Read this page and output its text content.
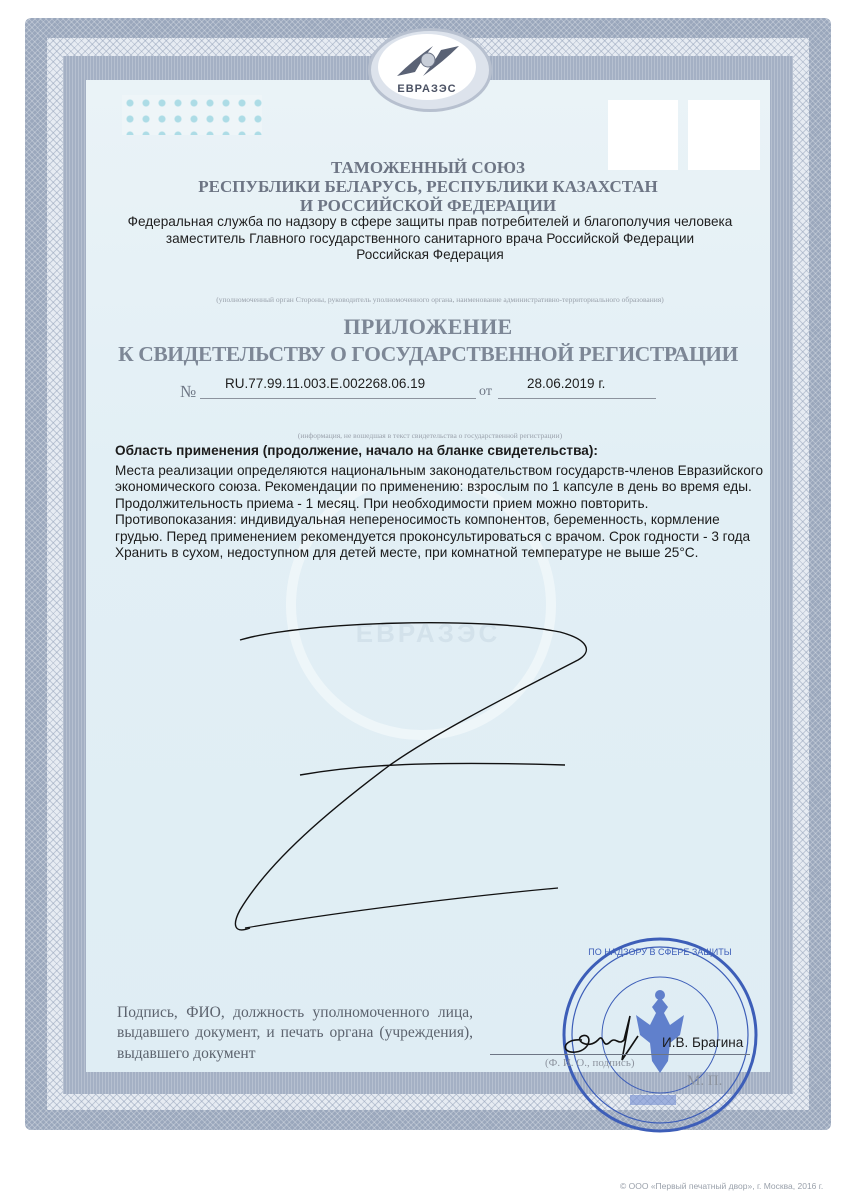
ЕВРАЗЭС
ЕВРАЗЭС
ТАМОЖЕННЫЙ СОЮЗ
РЕСПУБЛИКИ БЕЛАРУСЬ, РЕСПУБЛИКИ КАЗАХСТАН
И РОССИЙСКОЙ ФЕДЕРАЦИИ
Федеральная служба по надзору в сфере защиты прав потребителей и благополучия человека
заместитель Главного государственного санитарного врача Российской Федерации
Российская Федерация
(уполномоченный орган Стороны, руководитель уполномоченного органа, наименование административно-территориального образования)
ПРИЛОЖЕНИЕ
К СВИДЕТЕЛЬСТВУ О ГОСУДАРСТВЕННОЙ РЕГИСТРАЦИИ
№ RU.77.99.11.003.E.002268.06.19
от
28.06.2019 г.
(информация, не вошедшая в текст свидетельства о государственной регистрации)
Область применения (продолжение, начало на бланке свидетельства):
Места реализации определяются национальным законодательством государств-членов Евразийского экономического союза. Рекомендации по применению: взрослым по 1 капсуле в день во время еды. Продолжительность приема - 1 месяц. При необходимости прием можно повторить. Противопоказания: индивидуальная непереносимость компонентов, беременность, кормление грудью. Перед применением рекомендуется проконсультироваться с врачом. Срок годности - 3 года Хранить в сухом, недоступном для детей месте, при комнатной температуре не выше 25°С.
Подпись, ФИО, должность уполномоченного лица, выдавшего документ, и печать органа (учреждения), выдавшего документ
ПО НАДЗОРУ В СФЕРЕ ЗАЩИТЫ
И.В. Брагина
(Ф. И. О., подпись)
М. П.
© ООО «Первый печатный двор», г. Москва, 2016 г.
